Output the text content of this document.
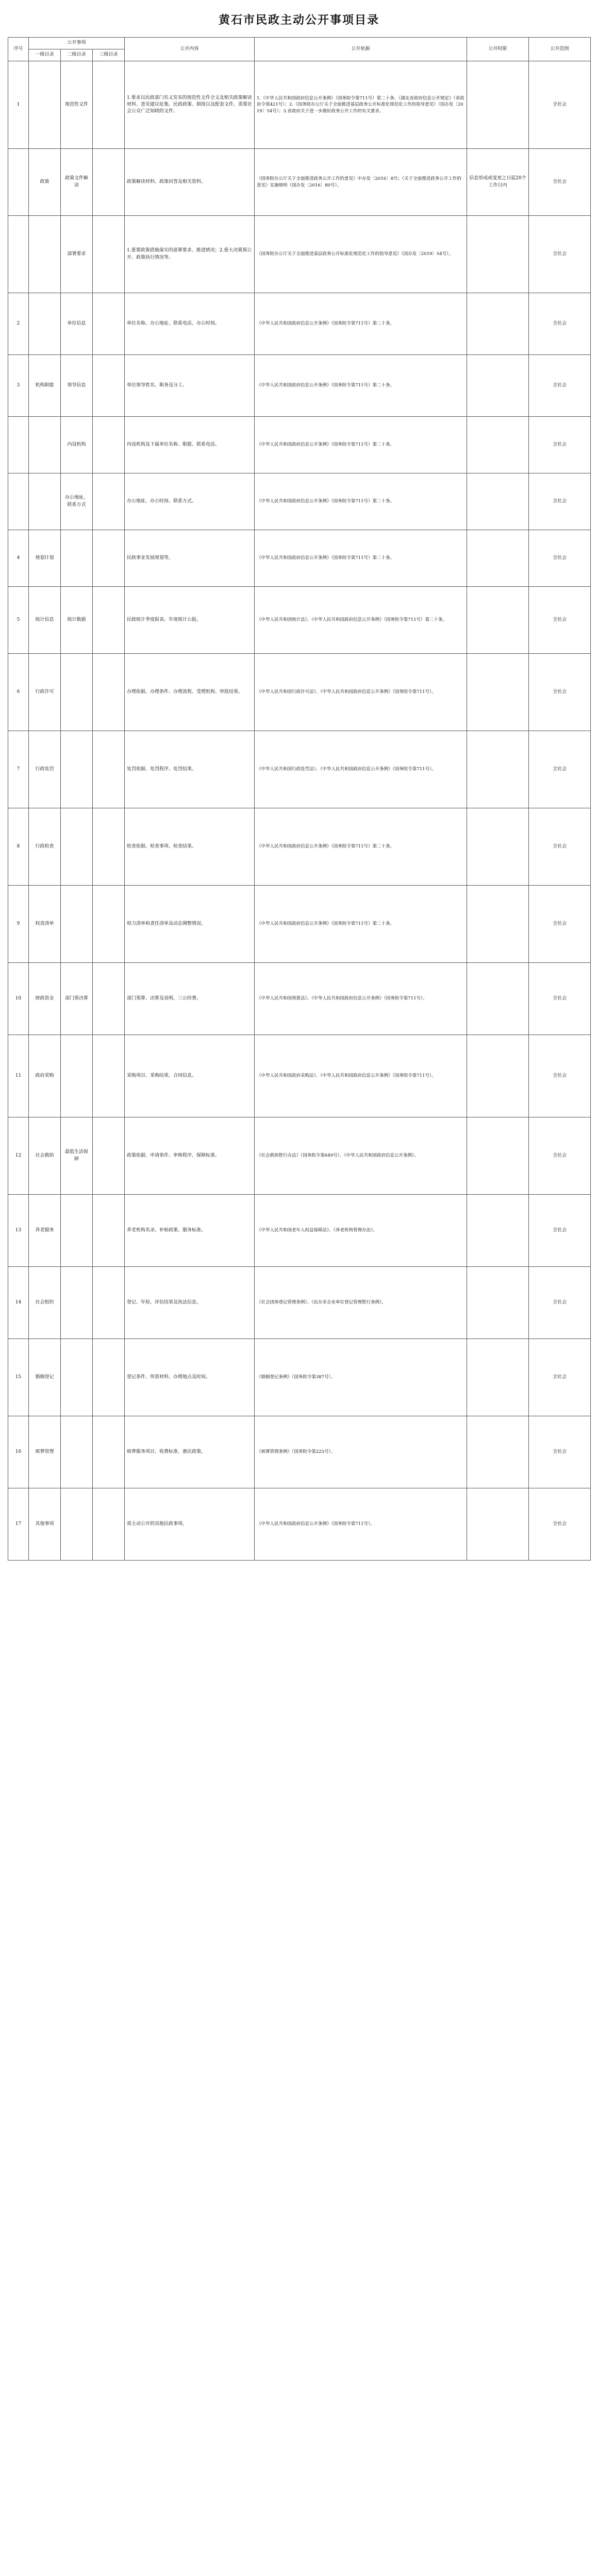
黄石市民政主动公开事项目录
序号	公开事项			公开内容	公开依据	公开时限	公开范围
	一级目录	二级目录	三级目录				
1		规范性文件		1.要求以民政部门名义发布的规范性文件全文及相关政策解读材料、意见建议征集、民政政策、制度以及配套文件，需要社会公众广泛知晓的文件。	1.《中华人民共和国政府信息公开条例》（国务院令第711号）第二十条、《湖北省政府信息公开规定》（省政府令第421号）；2.《国务院办公厅关于全面推进基层政务公开标准化规范化工作的指导意见》（国办发〔2019〕54号）；3.省政府关于进一步做好政务公开工作的有关要求。		全社会
	政策	政策文件解读		政策解读材料、政策问答及相关资料。	《国务院办公厅关于全面推进政务公开工作的意见》中办发〔2016〕8号；《关于全面推进政务公开工作的意见》实施细则（国办发〔2016〕80号）。	信息形成或变更之日起20个工作日内	全社会
		部署要求		1.重要政策措施落实的部署要求、推进情况；2.重大决策预公开、政策执行情况等。	《国务院办公厅关于全面推进基层政务公开标准化规范化工作的指导意见》（国办发〔2019〕54号）。		全社会
2		单位信息		单位名称、办公地址、联系电话、办公时间。	《中华人民共和国政府信息公开条例》（国务院令第711号）第二十条。		全社会
3	机构职能	领导信息		单位领导姓名、职务及分工。	《中华人民共和国政府信息公开条例》（国务院令第711号）第二十条。		全社会
		内设机构		内设机构及下属单位名称、职能、联系电话。	《中华人民共和国政府信息公开条例》（国务院令第711号）第二十条。		全社会
		办公地址、联系方式		办公地址、办公时间、联系方式。	《中华人民共和国政府信息公开条例》（国务院令第711号）第二十条。		全社会
4	规划计划			民政事业发展规划等。	《中华人民共和国政府信息公开条例》（国务院令第711号）第二十条。		全社会
5	统计信息	统计数据		民政统计季度报表、年度统计公报。	《中华人民共和国统计法》、《中华人民共和国政府信息公开条例》（国务院令第711号）第二十条。		全社会
6	行政许可			办理依据、办理条件、办理流程、受理机构、审批结果。	《中华人民共和国行政许可法》、《中华人民共和国政府信息公开条例》（国务院令第711号）。		全社会
7	行政处罚			处罚依据、处罚程序、处罚结果。	《中华人民共和国行政处罚法》、《中华人民共和国政府信息公开条例》（国务院令第711号）。		全社会
8	行政检查			检查依据、检查事项、检查结果。	《中华人民共和国政府信息公开条例》（国务院令第711号）第二十条。		全社会
9	权责清单			权力清单和责任清单及动态调整情况。	《中华人民共和国政府信息公开条例》（国务院令第711号）第二十条。		全社会
10	财政资金	部门预决算		部门预算、决算及说明，三公经费。	《中华人民共和国预算法》、《中华人民共和国政府信息公开条例》（国务院令第711号）。		全社会
11	政府采购			采购项目、采购结果、合同信息。	《中华人民共和国政府采购法》、《中华人民共和国政府信息公开条例》（国务院令第711号）。		全社会
12	社会救助	最低生活保障		政策依据、申请条件、审核程序、保障标准。	《社会救助暂行办法》（国务院令第649号）、《中华人民共和国政府信息公开条例》。		全社会
13	养老服务			养老机构名录、补贴政策、服务标准。	《中华人民共和国老年人权益保障法》、《养老机构管理办法》。		全社会
14	社会组织			登记、年检、评估结果及执法信息。	《社会团体登记管理条例》、《民办非企业单位登记管理暂行条例》。		全社会
15	婚姻登记			登记条件、所需材料、办理地点及时间。	《婚姻登记条例》（国务院令第387号）。		全社会
16	殡葬管理			殡葬服务项目、收费标准、惠民政策。	《殡葬管理条例》（国务院令第225号）。		全社会
17	其他事项			需主动公开的其他民政事项。	《中华人民共和国政府信息公开条例》（国务院令第711号）。		全社会
